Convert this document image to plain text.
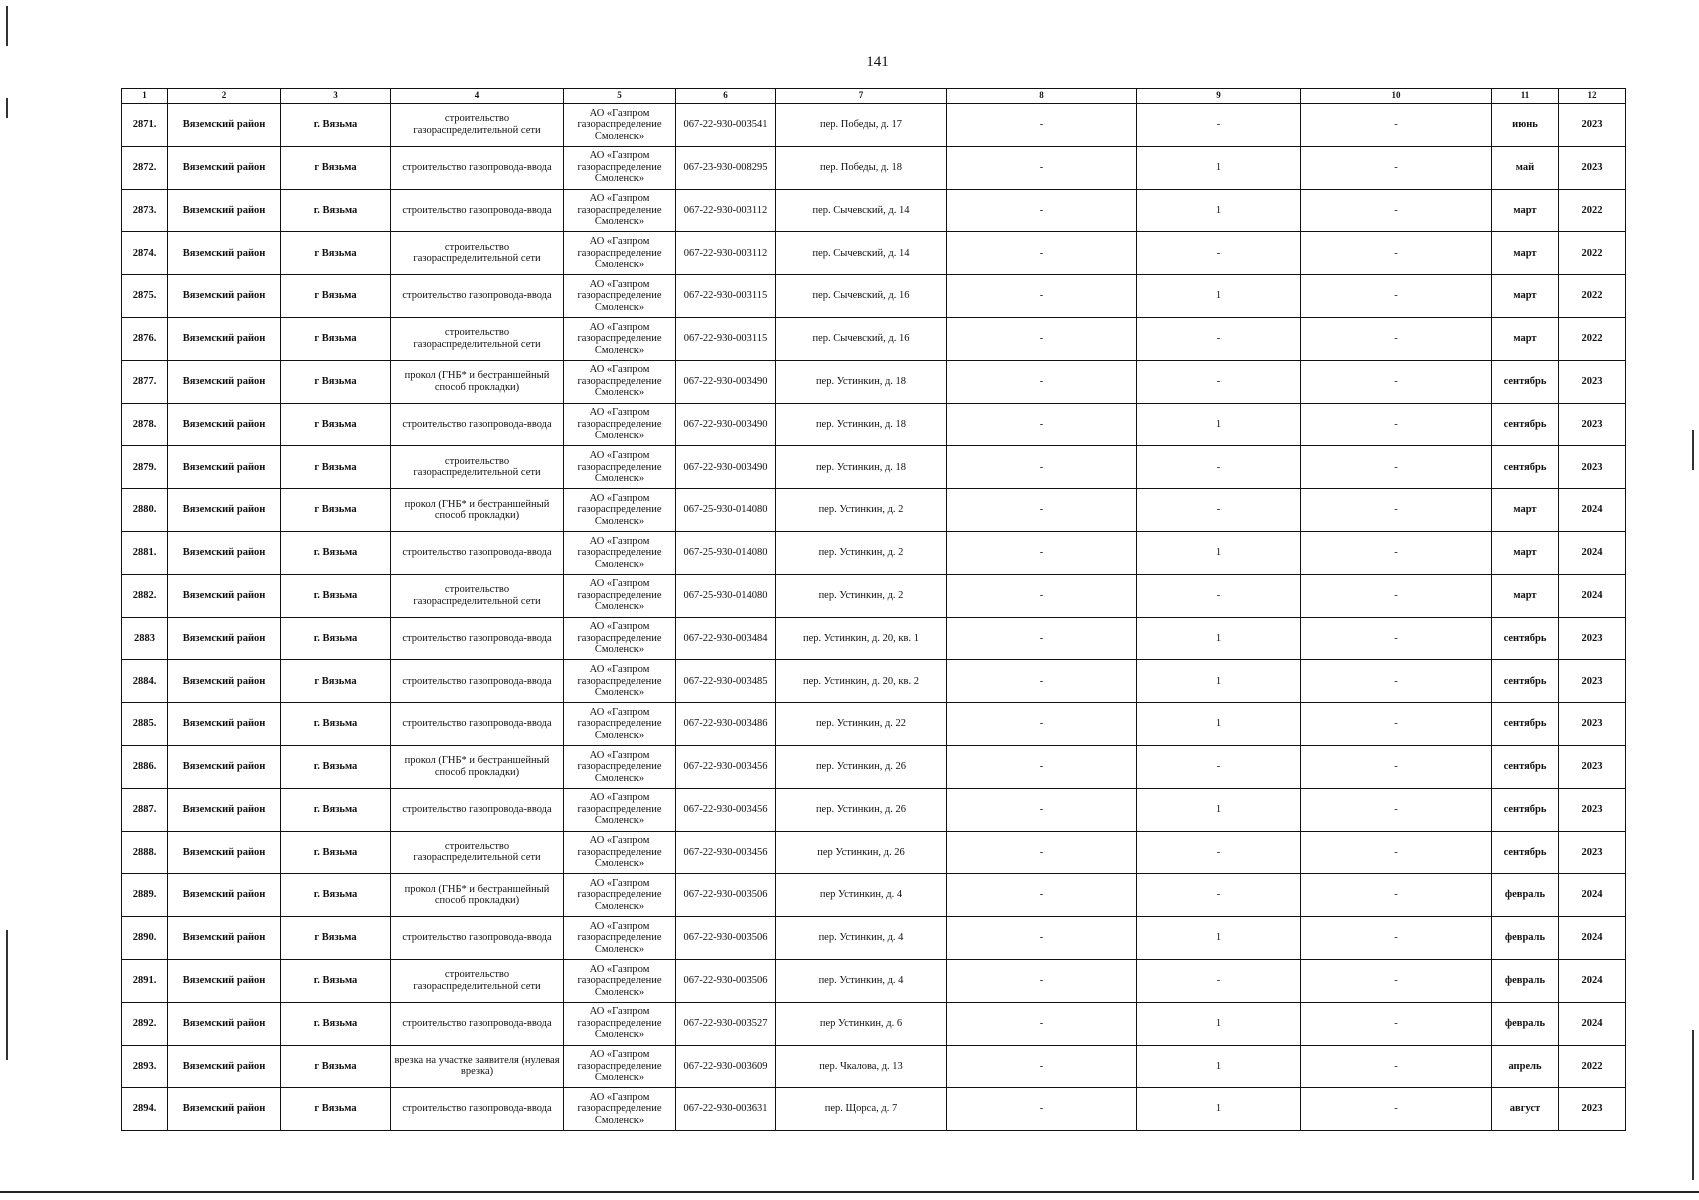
141
1	2	3	4	5	6	7	8	9	10	11	12
2871.	Вяземский район	г. Вязьма	строительство газораспределительной сети	АО «Газпром газораспределение Смоленск»	067-22-930-003541	пер. Победы, д. 17	-	-	-	июнь	2023
2872.	Вяземский район	г Вязьма	строительство газопровода-ввода	АО «Газпром газораспределение Смоленск»	067-23-930-008295	пер. Победы, д. 18	-	1	-	май	2023
2873.	Вяземский район	г. Вязьма	строительство газопровода-ввода	АО «Газпром газораспределение Смоленск»	067-22-930-003112	пер. Сычевский, д. 14	-	1	-	март	2022
2874.	Вяземский район	г Вязьма	строительство газораспределительной сети	АО «Газпром газораспределение Смоленск»	067-22-930-003112	пер. Сычевский, д. 14	-	-	-	март	2022
2875.	Вяземский район	г Вязьма	строительство газопровода-ввода	АО «Газпром газораспределение Смоленск»	067-22-930-003115	пер. Сычевский, д. 16	-	1	-	март	2022
2876.	Вяземский район	г Вязьма	строительство газораспределительной сети	АО «Газпром газораспределение Смоленск»	067-22-930-003115	пер. Сычевский, д. 16	-	-	-	март	2022
2877.	Вяземский район	г Вязьма	прокол (ГНБ* и бестраншейный способ прокладки)	АО «Газпром газораспределение Смоленск»	067-22-930-003490	пер. Устинкин, д. 18	-	-	-	сентябрь	2023
2878.	Вяземский район	г Вязьма	строительство газопровода-ввода	АО «Газпром газораспределение Смоленск»	067-22-930-003490	пер. Устинкин, д. 18	-	1	-	сентябрь	2023
2879.	Вяземский район	г Вязьма	строительство газораспределительной сети	АО «Газпром газораспределение Смоленск»	067-22-930-003490	пер. Устинкин, д. 18	-	-	-	сентябрь	2023
2880.	Вяземский район	г Вязьма	прокол (ГНБ* и бестраншейный способ прокладки)	АО «Газпром газораспределение Смоленск»	067-25-930-014080	пер. Устинкин, д. 2	-	-	-	март	2024
2881.	Вяземский район	г. Вязьма	строительство газопровода-ввода	АО «Газпром газораспределение Смоленск»	067-25-930-014080	пер. Устинкин, д. 2	-	1	-	март	2024
2882.	Вяземский район	г. Вязьма	строительство газораспределительной сети	АО «Газпром газораспределение Смоленск»	067-25-930-014080	пер. Устинкин, д. 2	-	-	-	март	2024
2883	Вяземский район	г. Вязьма	строительство газопровода-ввода	АО «Газпром газораспределение Смоленск»	067-22-930-003484	пер. Устинкин, д. 20, кв. 1	-	1	-	сентябрь	2023
2884.	Вяземский район	г Вязьма	строительство газопровода-ввода	АО «Газпром газораспределение Смоленск»	067-22-930-003485	пер. Устинкин, д. 20, кв. 2	-	1	-	сентябрь	2023
2885.	Вяземский район	г. Вязьма	строительство газопровода-ввода	АО «Газпром газораспределение Смоленск»	067-22-930-003486	пер. Устинкин, д. 22	-	1	-	сентябрь	2023
2886.	Вяземский район	г. Вязьма	прокол (ГНБ* и бестраншейный способ прокладки)	АО «Газпром газораспределение Смоленск»	067-22-930-003456	пер. Устинкин, д. 26	-	-	-	сентябрь	2023
2887.	Вяземский район	г. Вязьма	строительство газопровода-ввода	АО «Газпром газораспределение Смоленск»	067-22-930-003456	пер. Устинкин, д. 26	-	1	-	сентябрь	2023
2888.	Вяземский район	г. Вязьма	строительство газораспределительной сети	АО «Газпром газораспределение Смоленск»	067-22-930-003456	пер Устинкин, д. 26	-	-	-	сентябрь	2023
2889.	Вяземский район	г. Вязьма	прокол (ГНБ* и бестраншейный способ прокладки)	АО «Газпром газораспределение Смоленск»	067-22-930-003506	пер Устинкин, д. 4	-	-	-	февраль	2024
2890.	Вяземский район	г Вязьма	строительство газопровода-ввода	АО «Газпром газораспределение Смоленск»	067-22-930-003506	пер. Устинкин, д. 4	-	1	-	февраль	2024
2891.	Вяземский район	г. Вязьма	строительство газораспределительной сети	АО «Газпром газораспределение Смоленск»	067-22-930-003506	пер. Устинкин, д. 4	-	-	-	февраль	2024
2892.	Вяземский район	г. Вязьма	строительство газопровода-ввода	АО «Газпром газораспределение Смоленск»	067-22-930-003527	пер Устинкин, д. 6	-	1	-	февраль	2024
2893.	Вяземский район	г Вязьма	врезка на участке заявителя (нулевая врезка)	АО «Газпром газораспределение Смоленск»	067-22-930-003609	пер. Чкалова, д. 13	-	1	-	апрель	2022
2894.	Вяземский район	г Вязьма	строительство газопровода-ввода	АО «Газпром газораспределение Смоленск»	067-22-930-003631	пер. Щорса, д. 7	-	1	-	август	2023
